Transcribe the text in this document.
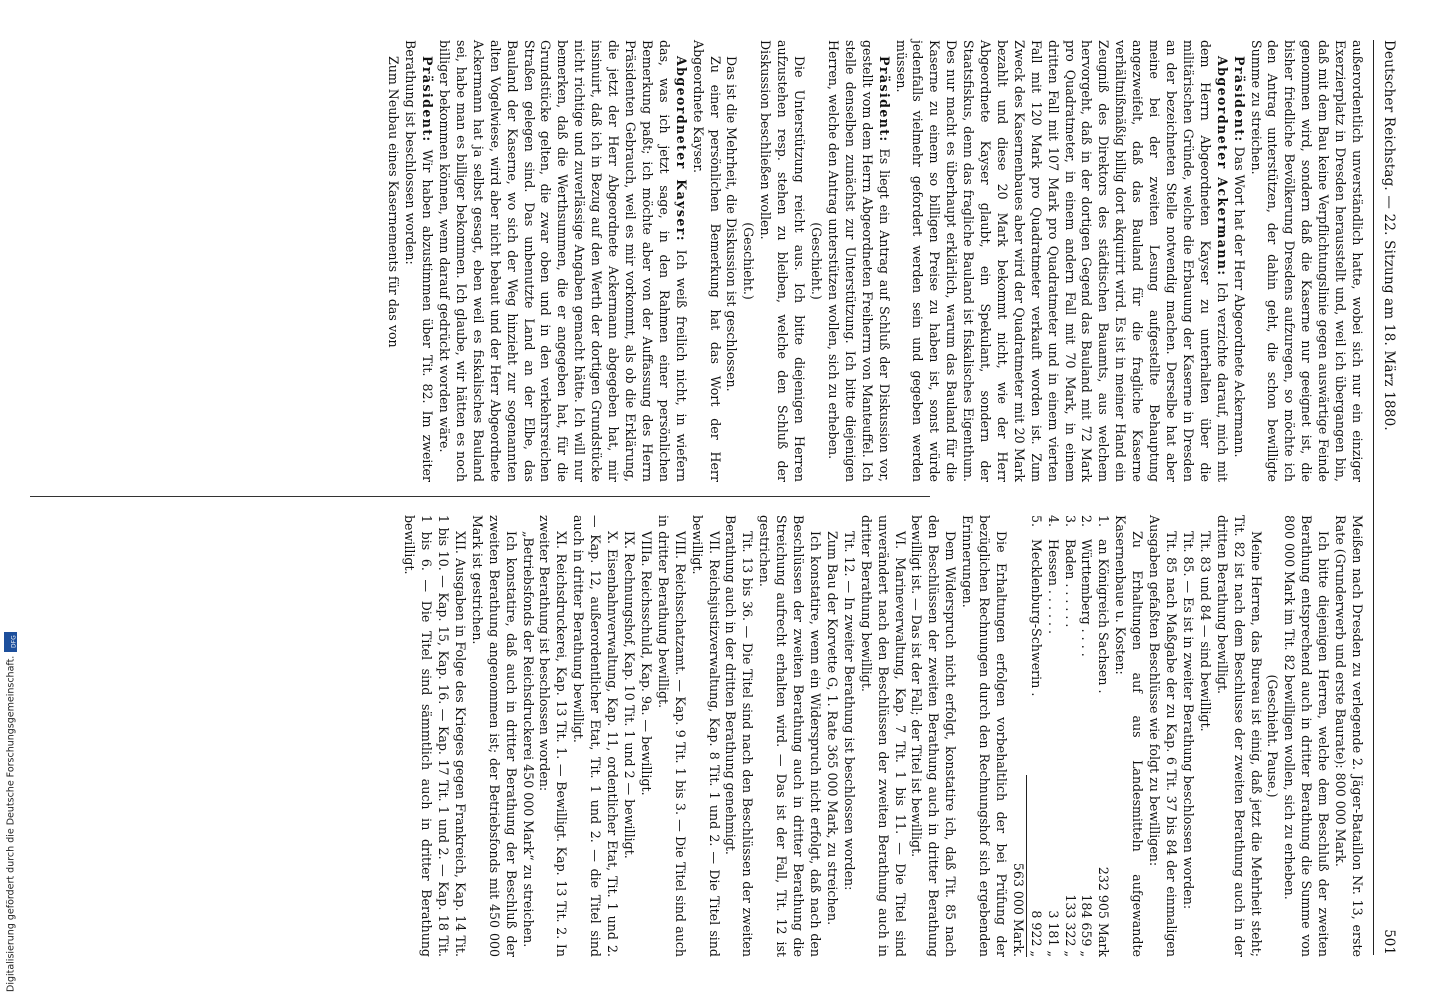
Digitalisierung gefördert durch die Deutsche Forschungsgemeinschaft.
DFG
Deutscher Reichstag. — 22. Sitzung am 18. März 1880.
501

außerordentlich unverständlich hatte, wobei sich nur ein einziger Exerzierplatz in Dresden herausstellt und, weil ich übergangen bin, daß mit dem Bau keine Verpflichtungslinie gegen auswärtige Feinde genommen wird, sondern daß die Kaserne nur geeignet ist, die bisher friedliche Bevölkerung Dresdens aufzuregen, so möchte ich den Antrag unterstützen, der dahin geht, die schon bewilligte Summe zu streichen.

Präsident: Das Wort hat der Herr Abgeordnete Ackermann.

Abgeordneter Ackermann: Ich verzichte darauf, mich mit dem Herrn Abgeordneten Kayser zu unterhalten über die militärischen Gründe, welche die Erbauung der Kaserne in Dresden an der bezeichneten Stelle notwendig machen. Derselbe hat aber meine bei der zweiten Lesung aufgestellte Behauptung angezweifelt, daß das Bauland für die fragliche Kaserne verhältnißmäßig billig dort akquirirt wird. Es ist in meiner Hand ein Zeugniß des Direktors des städtischen Bauamts, aus welchem hervorgeht, daß in der dortigen Gegend das Bauland mit 72 Mark pro Quadratmeter, in einem andern Fall mit 70 Mark, in einem dritten Fall mit 107 Mark pro Quadratmeter und in einem vierten Fall mit 120 Mark pro Quadratmeter verkauft worden ist. Zum Zweck des Kasernenbaues aber wird der Quadratmeter mit 20 Mark bezahlt und diese 20 Mark bekommt nicht, wie der Herr Abgeordnete Kayser glaubt, ein Spekulant, sondern der Staatsfiskus, denn das fragliche Bauland ist fiskalisches Eigenthum. Des nur macht es überhaupt erklärlich, warum das Bauland für die Kaserne zu einem so billigen Preise zu haben ist, sonst würde jedenfalls vielmehr gefordert werden sein und gegeben werden müssen.

Präsident: Es liegt ein Antrag auf Schluß der Diskussion vor, gestellt vom dem Herrn Abgeordneten Freiherrn von Manteuffel. Ich stelle denselben zunächst zur Unterstützung. Ich bitte diejenigen Herren, welche den Antrag unterstützen wollen, sich zu erheben.

(Geschieht.)

Die Unterstützung reicht aus. Ich bitte diejenigen Herren aufzustehen resp. stehen zu bleiben, welche den Schluß der Diskussion beschließen wollen.

(Geschieht.)

Das ist die Mehrheit, die Diskussion ist geschlossen.

Zu einer persönlichen Bemerkung hat das Wort der Herr Abgeordnete Kayser.

Abgeordneter Kayser: Ich weiß freilich nicht, in wiefern das, was ich jetzt sage, in den Rahmen einer persönlichen Bemerkung paßt; ich möchte aber von der Auffassung des Herrn Präsidenten Gebrauch, weil es mir vorkommt, als ob die Erklärung, die jetzt der Herr Abgeordnete Ackermann abgegeben hat, mir insinuirt, daß ich in Bezug auf den Werth der dortigen Grundstücke nicht richtige und zuverlässige Angaben gemacht hätte. Ich will nur bemerken, daß die Werthsummen, die er angegeben hat, für die Grundstücke gelten, die zwar oben und in den verkehrsreichen Straßen gelegen sind. Das unbenutzte Land an der Elbe, das Bauland der Kaserne, wo sich der Weg hinzieht zur sogenannten alten Vogelwiese, wird aber nicht bebaut und der Herr Abgeordnete Ackermann hat ja selbst gesagt, eben weil es fiskalisches Bauland sei, habe man es billiger bekommen. Ich glaube, wir hätten es noch billiger bekommen können, wenn darauf gedrückt worden wäre.

Präsident: Wir haben abzustimmen über Tit. 82. Im zweiter Berathung ist beschlossen worden:

Zum Neubau eines Kasernements für das von

Meißen nach Dresden zu verlegende 2. Jäger-Bataillon Nr. 13, erste Rate (Grunderwerb und erste Baurate): 800 000 Mark.

Ich bitte diejenigen Herren, welche dem Beschluß der zweiten Berathung entsprechend auch in dritter Berathung die Summe von 800 000 Mark im Tit. 82 bewilligen wollen, sich zu erheben.

(Geschieht. Pause.)

Meine Herren, das Bureau ist einig, daß jetzt die Mehrheit steht; Tit. 82 ist nach dem Beschlusse der zweiten Berathung auch in der dritten Berathung bewilligt.

Tit. 83 und 84 — sind bewilligt.

Tit. 85. — Es ist in zweiter Berathung beschlossen worden:

Tit. 85 nach Maßgabe der zu Kap. 6 Tit. 37 bis 84 der einmaligen Ausgaben gefaßten Beschlüsse wie folgt zu bewilligen:

Zu Erhaltungen auf aus Landesmitteln aufgewandte Kasernenbaue u. Kosten:

1.
an Königreich Sachsen .
232 905 Mark
2.
Württemberg . . . .
184 659 „
3.
Baden . . . . . .
133 322 „
4.
Hessen . . . . . .
3 181 „
5.
Mecklenburg-Schwerin .
8 922 „
563 000 Mark.

Die Erhaltungen erfolgen vorbehaltlich der bei Prüfung der bezüglichen Rechnungen durch den Rechnungshof sich ergebenden Erinnerungen.

Dem Widerspruch nicht erfolgt, konstatire ich, daß Tit. 85 nach den Beschlüssen der zweiten Berathung auch in dritter Berathung bewilligt ist. — Das ist der Fall; der Titel ist bewilligt.

VI. Marineverwaltung, Kap. 7 Tit. 1 bis 11. — Die Titel sind unverändert nach den Beschlüssen der zweiten Berathung auch in dritter Berathung bewilligt.

Tit. 12. — In zweiter Berathung ist beschlossen worden:

Zum Bau der Korvette G, 1. Rate 365 000 Mark, zu streichen.

Ich konstatire, wenn ein Widerspruch nicht erfolgt, daß nach den Beschlüssen der zweiten Berathung auch in dritter Berathung die Streichung aufrecht erhalten wird. — Das ist der Fall, Tit. 12 ist gestrichen.

Tit. 13 bis 36. — Die Titel sind nach den Beschlüssen der zweiten Berathung auch in der dritten Berathung genehmigt.

VII. Reichsjustizverwaltung, Kap. 8 Tit. 1 und 2. — Die Titel sind bewilligt.

VIII. Reichsschatzamt. — Kap. 9 Tit. 1 bis 3. — Die Titel sind auch in dritter Berathung bewilligt.

VIIIa. Reichsschuld, Kap. 9a. — bewilligt.

IX. Rechnungshof, Kap. 10 Tit. 1 und 2 — bewilligt.

X. Eisenbahnverwaltung, Kap. 11, ordentlicher Etat, Tit. 1 und 2. — Kap. 12, außerordentlicher Etat, Tit. 1 und 2. — die Titel sind auch in dritter Berathung bewilligt.

XI. Reichsdruckerei, Kap. 13 Tit. 1. — Bewilligt. Kap. 13 Tit. 2. In zweiter Berathung ist beschlossen worden:

„Betriebsfonds der Reichsdruckerei 450 000 Mark“ zu streichen.

Ich konstatire, daß auch in dritter Berathung der Beschluß der zweiten Berathung angenommen ist; der Betriebsfonds mit 450 000 Mark ist gestrichen.

XII. Ausgaben in Folge des Krieges gegen Frankreich, Kap. 14 Tit. 1 bis 10. — Kap. 15, Kap. 16. — Kap. 17 Tit. 1 und 2. — Kap. 18 Tit. 1 bis 6. — Die Titel sind sämmtlich auch in dritter Berathung bewilligt.
